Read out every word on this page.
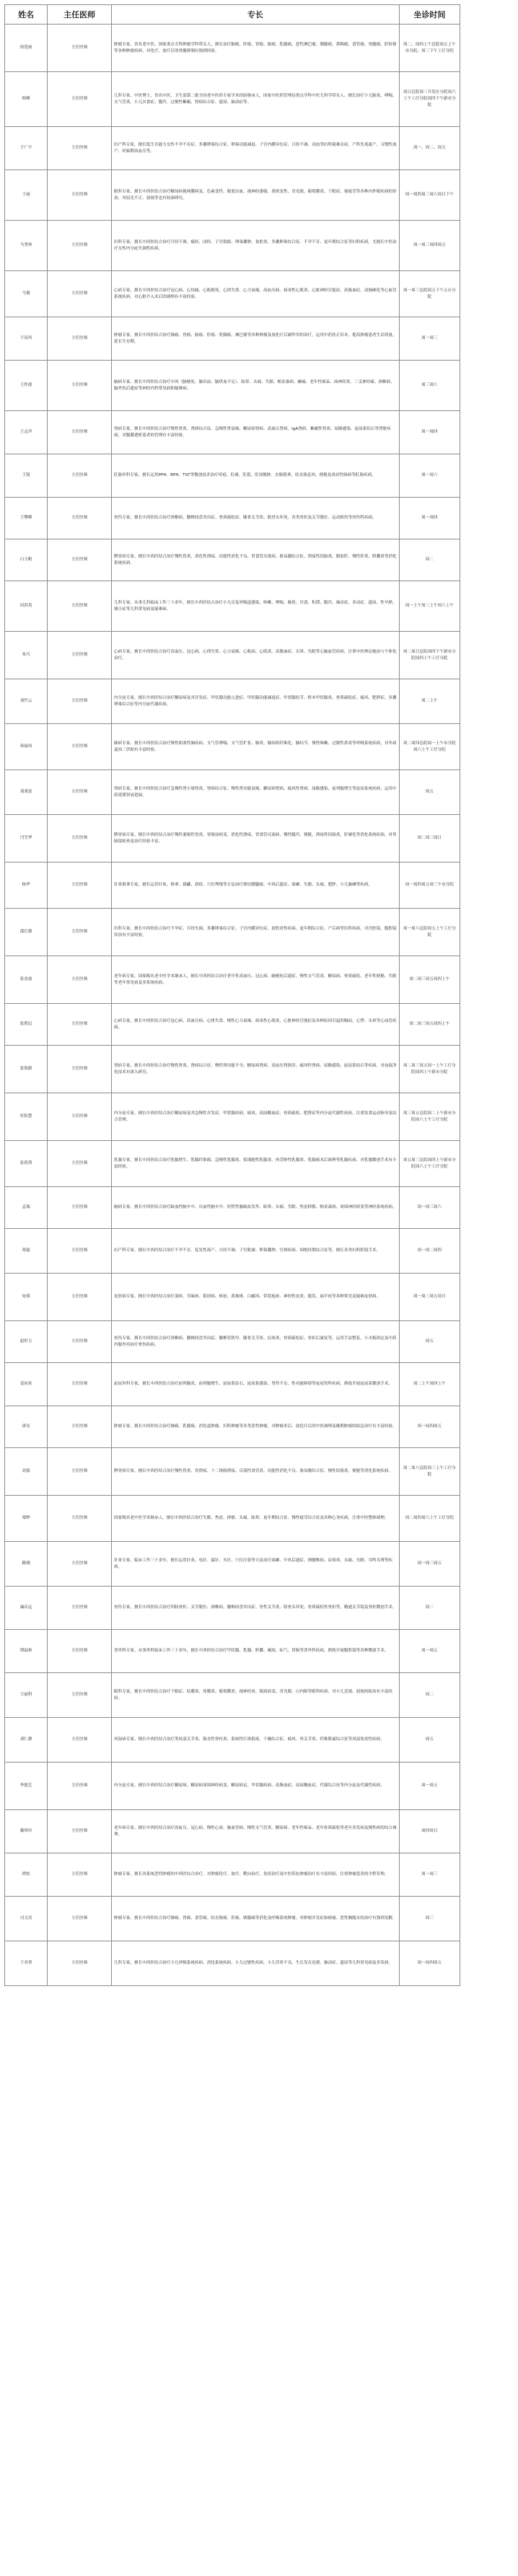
姓名	主任医师	专长	坐诊时间
侯爱画	主任医师	肿瘤专家，省名老中医，国家重点专科肿瘤学科带头人，擅长治疗肺癌、肝癌、胃癌、肠癌、乳腺癌、恶性淋巴瘤、胰腺癌、鼻咽癌、食管癌、骨髓瘤、肝转移等各种肿瘤疾病，对化疗、放疗后的骨髓抑制有独到经验。	周二、周四上午总院周五上午市分院、周三下午工疗分院
韩峰	主任医师	儿科专家，中医博士，省名中医，卫生部第二批全国老中医药专家学术经验继承人，国家中医药管理局重点学科中医儿科学带头人。擅长治疗小儿肺炎、哮喘、支气管炎、小儿厌食症、腹泻、过敏性紫癜、肾病综合征、遗尿、抽动症等。	周日总院周三开发区分院周六上午工疗分院周四下午新市分院
于广宇	主任医师	妇产科专家，擅长低生育能力女性不孕不育症、多囊卵巢综合征、卵巢功能减退、子宫内膜异位症、月经不调、功血等妇科疑难杂症，产科先兆流产、习惯性流产、妊娠期高血压等。	周一、周二、周五
于丽	主任医师	眼科专家，擅长中西医结合治疗糖尿病视网膜病变、色素变性、眼底出血、视神经萎缩、黄斑变性、青光眼、葡萄膜炎、干眼症、视疲劳等各种内外眼疾病的诊治，对屈光不正、弱视等也有较深研究。	周一周四周三周六周日下午
马秀珍	主任医师	妇科专家，擅长中西医结合治疗月经不调、痛经、闭经、子宫肌瘤、卵巢囊肿、盆腔炎、多囊卵巢综合征、不孕不育、更年期综合征等妇科疾病，尤擅长中医治疗女性内分泌失调性疾病。	周一周三周四周五
马俊	主任医师	心病专家，擅长中西医结合治疗冠心病、心绞痛、心肌梗死、心律失常、心力衰竭、高血压病、病毒性心肌炎、心脏神经官能症、高脂血症、动脉硬化等心血管系统疾病，对心脏介入术后的调理有丰富经验。	周一周三总院周五下午五台分院
于春风	主任医师	肿瘤专家，擅长中西医结合治疗肺癌、胃癌、肠癌、肝癌、乳腺癌、淋巴瘤等各种肿瘤及放化疗后副作用的治疗，运用中药扶正培本，提高肿瘤患者生活质量，延长生存期。	周一周三
王作波	主任医师	脑病专家，擅长中西医结合治疗中风（脑梗死、脑出血、脑供血不足）、眩晕、头痛、失眠、帕金森病、癫痫、老年性痴呆、面神经炎、三叉神经痛、颈椎病、脑外伤后遗症等神经内科常见病和疑难病。	周三周六
王志萍	主任医师	肾病专家，擅长中西医结合治疗慢性肾炎、肾病综合征、急慢性肾衰竭、糖尿病肾病、高血压肾病、IgA肾病、紫癜性肾炎、尿路感染、泌尿系结石等肾脏疾病，对腹膜透析患者的管理有丰富经验。	周一周四
王锐	主任医师	肛肠外科专家，擅长运用PPH、RPH、TST等微创技术治疗痔疮、肛瘘、肛裂、肛周脓肿、直肠脱垂、结直肠息肉、便秘及炎症性肠病等肛肠疾病。	周一周六
王攀峰	主任医师	骨伤专家，擅长中西医结合治疗颈椎病、腰椎间盘突出症、骨质疏松症、膝骨关节炎、股骨头坏死、各类骨折及关节脱位、运动损伤等骨伤科疾病。	周一周四
白玉帆	主任医师	脾胃病专家，擅长中西医结合治疗慢性胃炎、消化性溃疡、功能性消化不良、胃食管反流病、肠易激综合征、溃疡性结肠炎、脂肪肝、慢性肝炎、胆囊炎等消化系统疾病。	周二
田洪英	主任医师	儿科专家，从事儿科临床工作三十余年，擅长中西医结合治疗小儿反复呼吸道感染、咳嗽、哮喘、肺炎、厌食、积滞、腹泻、抽动症、多动症、遗尿、性早熟、矮小症等儿科常见病及疑难病。	周一上午周三上午周六上午
朱巧	主任医师	心病专家，擅长中西医结合治疗高血压、冠心病、心律失常、心力衰竭、心肌病、心肌炎、高脂血症、头晕、失眠等心脑血管疾病，注重中医辨证施治与个体化治疗。	周二周日总院周四下午新市分院周四上午工疗分院
刘竹云	主任医师	内分泌专家，擅长中西医结合治疗糖尿病及其并发症、甲状腺功能亢进症、甲状腺功能减退症、甲状腺结节、桥本甲状腺炎、骨质疏松症、痛风、肥胖症、多囊卵巢综合征等内分泌代谢疾病。	周二上午
孙丽凤	主任医师	肺病专家，擅长中西医结合治疗慢性阻塞性肺疾病、支气管哮喘、支气管扩张、肺炎、肺间质纤维化、肺结节、慢性咳嗽、过敏性鼻炎等呼吸系统疾病，对冬病夏治三伏贴有丰富经验。	周二周四总院周一上午市分院周六上午工疗分院
刘秉富	主任医师	肾病专家，擅长中西医结合治疗急慢性肾小球肾炎、肾病综合征、慢性肾功能衰竭、糖尿病肾病、痛风性肾病、尿路感染、前列腺增生等泌尿系统疾病，运用中药延缓肾衰进展。	周五
闫雪华	主任医师	脾胃病专家，擅长中西医结合治疗慢性萎缩性胃炎、胃癌前病变、消化性溃疡、胃食管反流病、慢性腹泻、便秘、溃疡性结肠炎、肝硬化等消化系统疾病，对胃肠镜检查及治疗经验丰富。	周二周三周日
杨华	主任医师	针灸推拿专家，擅长运用针灸、推拿、拔罐、刮痧、穴位埋线等方法治疗颈肩腰腿痛、中风后遗症、面瘫、失眠、头痛、肥胖、小儿脑瘫等疾病。	周一周四周五周三午市分院
邵长敏	主任医师	妇科专家，擅长中西医结合治疗不孕症、月经失调、多囊卵巢综合征、子宫内膜异位症、盆腔炎性疾病、更年期综合征、产后病等妇科疾病，对宫腔镜、腹腔镜诊治有丰富经验。	周一周六总院周五上午工疗分院
张金波	主任医师	老年病专家，国家级名老中医学术继承人，擅长中西医结合治疗老年性高血压、冠心病、脑梗死后遗症、慢性支气管炎、糖尿病、骨质疏松、老年性便秘、失眠等老年常见病及多系统疾病。	周二周三周五周四上午
张胜民	主任医师	心病专家，擅长中西医结合治疗冠心病、高血压病、心律失常、慢性心力衰竭、病毒性心肌炎、心脏神经官能症及各种原因引起的胸闷、心悸、头晕等心血管疾病。	周二周三周五周四上午
张海源	主任医师	肾病专家，擅长中西医结合治疗慢性肾炎、肾病综合征、慢性肾功能不全、糖尿病肾病、高血压肾损害、痛风性肾病、尿路感染、泌尿系结石等疾病，对血液净化技术有深入研究。	周二周三周五周一上午工疗分院周四上午新市分院
杜积慧	主任医师	内分泌专家，擅长中西医结合治疗糖尿病及其急慢性并发症、甲状腺疾病、痛风、高尿酸血症、骨质疏松、肥胖症等内分泌代谢性疾病，注重饮食运动指导及综合管理。	周三周五总院周二上午新市分院周六上午工疗分院
张蓓茜	主任医师	乳腺专家，擅长中西医结合治疗乳腺增生、乳腺纤维瘤、急慢性乳腺炎、浆细胞性乳腺炎、肉芽肿性乳腺炎、乳腺癌术后调理等乳腺疾病，对乳腺微创手术有丰富经验。	周五周三总院周四上午新市分院周六上午工疗分院
孟瑞	主任医师	脑病专家，擅长中西医结合治疗缺血性脑卒中、出血性脑卒中、短暂性脑缺血发作、眩晕、头痛、失眠、焦虑抑郁、帕金森病、周围神经病变等神经系统疾病。	周一周三周六
郑磊	主任医师	妇产科专家，擅长中西医结合治疗不孕不育、复发性流产、月经不调、子宫肌瘤、卵巢囊肿、宫颈疾病、围绝经期综合征等，擅长各类妇科腔镜手术。	周一周二周四
宛蓉	主任医师	皮肤病专家，擅长中西医结合治疗湿疹、荨麻疹、银屑病、痤疮、黄褐斑、白癜风、带状疱疹、神经性皮炎、脱发、扁平疣等各种常见及疑难皮肤病。	周一周三周五周日
赵恒玉	主任医师	骨伤专家，擅长中西医结合治疗颈椎病、腰椎间盘突出症、腰椎管狭窄、膝骨关节炎、肩周炎、骨质疏松症、骨折后康复等，运用手法整复、小夹板固定及中药内服外用治疗骨伤疾病。	周五
姜同米	主任医师	泌尿外科专家，擅长中西医结合治疗前列腺炎、前列腺增生、泌尿系结石、泌尿系感染、男性不育、性功能障碍等泌尿男科疾病，熟练开展泌尿系微创手术。	周二上午周四上午
唐岛	主任医师	肿瘤专家，擅长中西医结合治疗肺癌、乳腺癌、消化道肿瘤、妇科肿瘤等各类恶性肿瘤，对肿瘤术后、放化疗后的中医调理及晚期肿瘤的姑息治疗有丰富经验。	周一周四周五
高强	主任医师	脾胃病专家，擅长中西医结合治疗慢性胃炎、胃溃疡、十二指肠溃疡、反流性食管炎、功能性消化不良、肠易激综合征、慢性结肠炎、便秘等消化系统疾病。	周二周六总院周三上午工疗分院
梁晔	主任医师	国家级名老中医学术继承人，擅长中西医结合治疗失眠、焦虑、抑郁、头痛、眩晕、更年期综合征、慢性疲劳综合征及各种心身疾病，注重中医整体调理。	周二周四周六上午工疗分院
路刚	主任医师	针灸专家，临床工作三十余年，擅长运用针灸、电针、温针、火针、穴位注射等方法治疗面瘫、中风后遗症、颈腰椎病、肩周炎、头痛、失眠、耳鸣耳聋等疾病。	周一周三周五
廉庆远	主任医师	骨伤专家，擅长中西医结合治疗四肢骨折、关节脱位、颈椎病、腰椎间盘突出症、骨性关节炎、股骨头坏死、骨质疏松性骨折等，精通关节镜及脊柱微创手术。	周二
谭福和	主任医师	普外科专家，从事外科临床工作三十余年，擅长中西医结合治疗甲状腺、乳腺、胆囊、阑尾、疝气、胃肠等普外科疾病，熟练开展腹腔镜等各种微创手术。	周一周五
王丽科	主任医师	眼科专家，擅长中西医结合治疗干眼症、结膜炎、角膜炎、葡萄膜炎、视神经炎、眼底病变、青光眼、白内障等眼科疾病，对小儿近视、弱视的防治有丰富经验。	周二
刘仁静	主任医师	风湿病专家，擅长中西医结合治疗类风湿关节炎、强直性脊柱炎、系统性红斑狼疮、干燥综合征、痛风、骨关节炎、纤维肌痛综合征等风湿免疫性疾病。	周五
李德艺	主任医师	内分泌专家，擅长中西医结合治疗糖尿病、糖尿病周围神经病变、糖尿病足、甲状腺疾病、高脂血症、高尿酸血症、代谢综合征等内分泌及代谢性疾病。	周一周五
戴珍玲	主任医师	老年病专家，擅长中西医结合治疗高血压、冠心病、慢性心衰、脑血管病、慢性支气管炎、糖尿病、老年性痴呆、老年骨质疏松等老年多发病及慢性病的综合调理。	周四周日
谭松	主任医师	肿瘤专家，擅长各系统恶性肿瘤的中西医综合治疗，对肿瘤化疗、放疗、靶向治疗、免疫治疗及中医药抗肿瘤治疗有丰富经验，注重肿瘤患者的全程管理。	周一周三
司文涛	主任医师	肿瘤专家，擅长中西医结合治疗肺癌、胃癌、食管癌、结直肠癌、肝癌、胰腺癌等消化及呼吸系统肿瘤，对肿瘤并发症如癌痛、恶性胸腹水的治疗有独到见解。	周三
于君翠	主任医师	儿科专家，擅长中西医结合治疗小儿呼吸系统疾病、消化系统疾病、小儿过敏性疾病、小儿营养不良、生长发育迟缓、抽动症、遗尿等儿科常见病及多发病。	周一周四周五
